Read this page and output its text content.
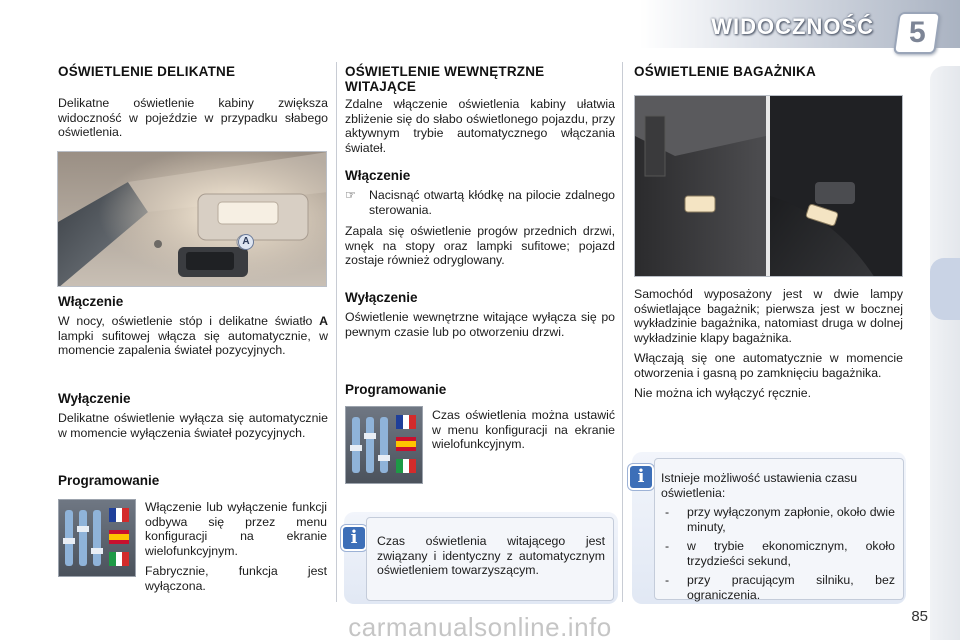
WIDOCZNOŚĆ 5
OŚWIETLENIE DELIKATNE

Delikatne oświetlenie kabiny zwiększa widoczność w pojeździe w przypadku słabego oświetlenia.

A
Włączenie

W nocy, oświetlenie stóp i delikatne światło A lampki sufitowej włącza się automatycznie, w momencie zapalenia świateł pozycyjnych.

Wyłączenie

Delikatne oświetlenie wyłącza się automatycznie w momencie wyłączenia świateł pozycyjnych.

Programowanie

Włączenie lub wyłączenie funkcji odbywa się przez menu konfiguracji na ekranie wielofunkcyjnym.

Fabrycznie, funkcja jest wyłączona.

OŚWIETLENIE WEWNĘTRZNE WITAJĄCE

Zdalne włączenie oświetlenia kabiny ułatwia zbliżenie się do słabo oświetlonego pojazdu, przy aktywnym trybie automatycznego włączania świateł.

Włączenie
☞	Nacisnąć otwartą kłódkę na pilocie zdalnego sterowania.

Zapala się oświetlenie progów przednich drzwi, wnęk na stopy oraz lampki sufitowe; pojazd zostaje również odryglowany.

Wyłączenie

Oświetlenie wewnętrzne witające wyłącza się po pewnym czasie lub po otworzeniu drzwi.

Programowanie

Czas oświetlenia można ustawić w menu konfiguracji na ekranie wielofunkcyjnym.

i	Czas oświetlenia witającego jest związany i identyczny z automatycznym oświetleniem towarzyszącym.
OŚWIETLENIE BAGAŻNIKA

Samochód wyposażony jest w dwie lampy oświetlające bagażnik; pierwsza jest w bocznej wykładzinie bagażnika, natomiast druga w dolnej wykładzinie klapy bagażnika.

Włączają się one automatycznie w momencie otworzenia i gasną po zamknięciu bagażnika.

Nie można ich wyłączyć ręcznie.

i	Istnieje możliwość ustawienia czasu oświetlenia:
-	przy wyłączonym zapłonie, około dwie minuty,
-	w trybie ekonomicznym, około trzydzieści sekund,
-	przy pracującym silniku, bez ograniczenia.
85
carmanualsonline.info
